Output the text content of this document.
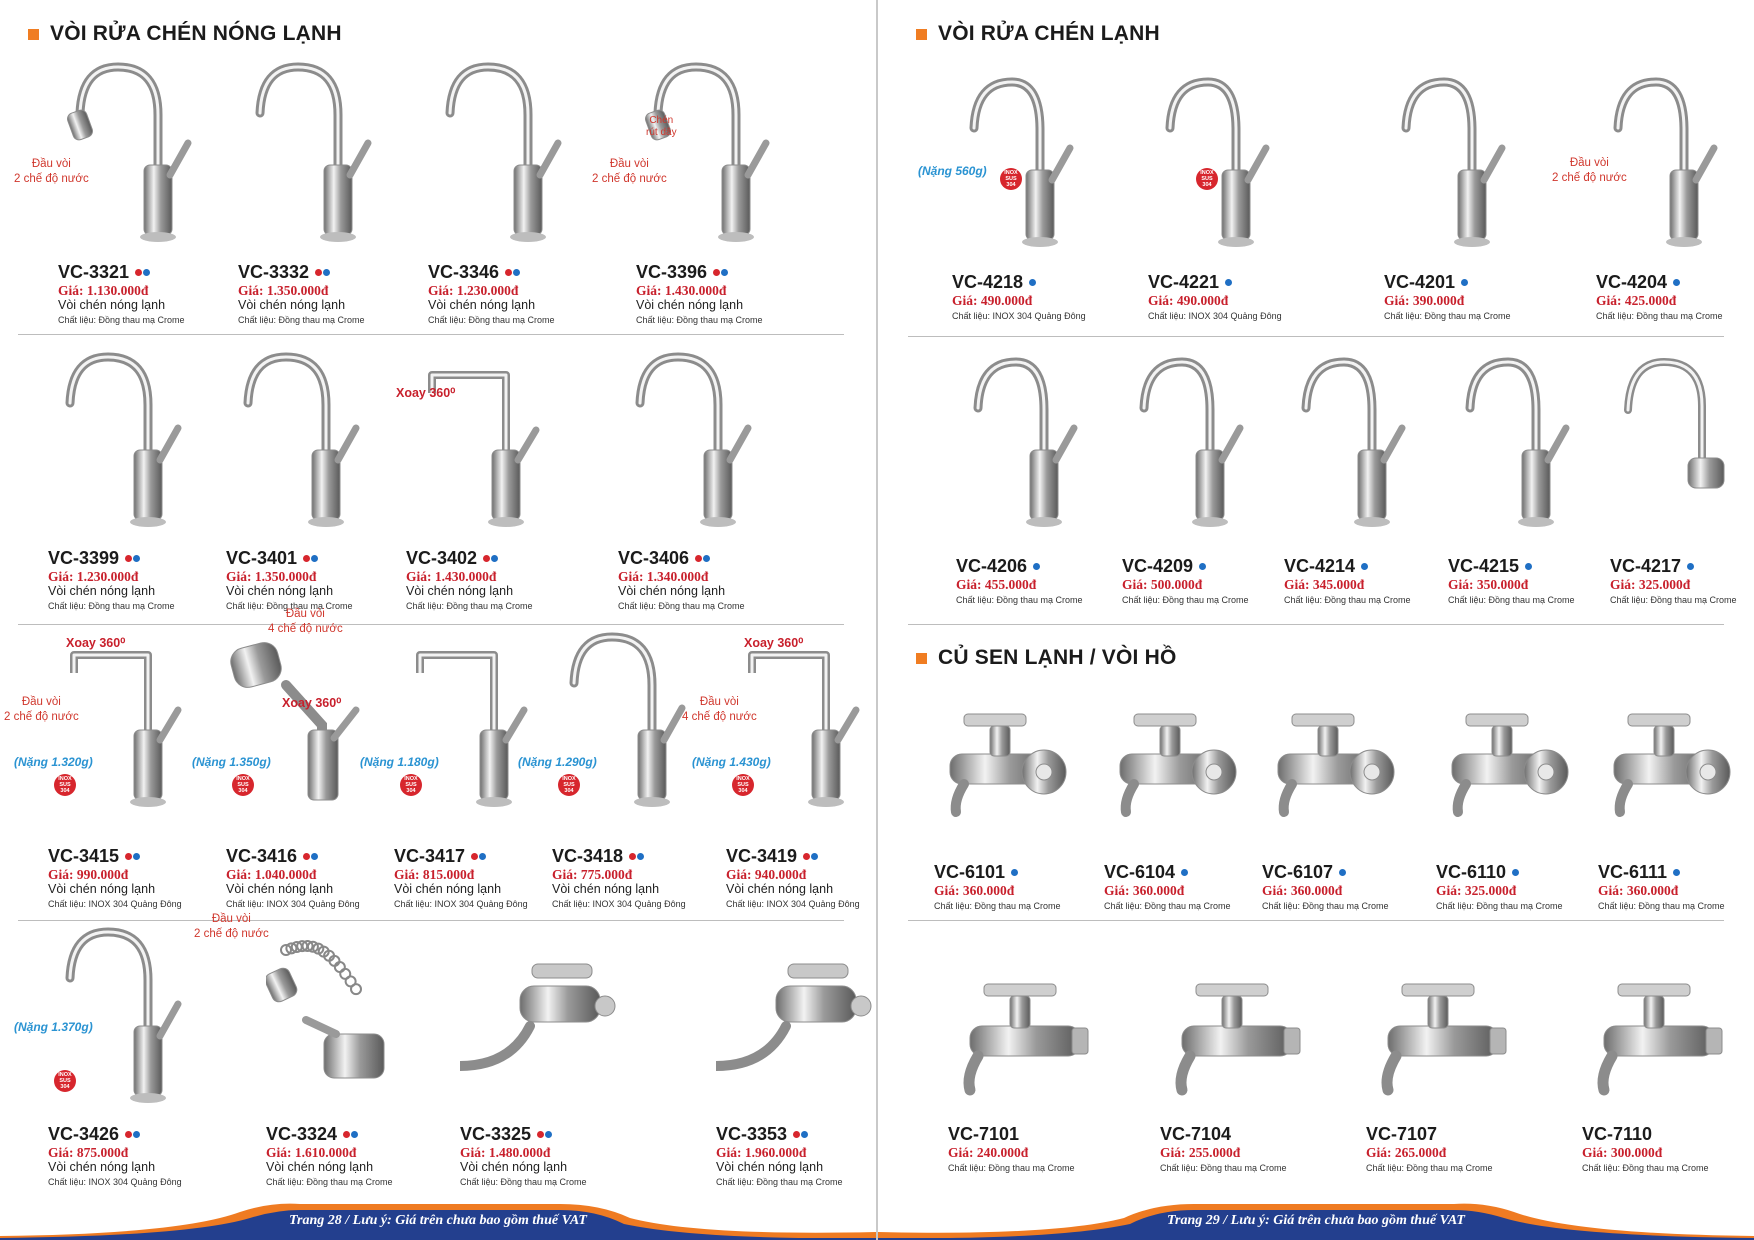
VÒI RỬA CHÉN NÓNG LẠNH
Trang 28 / Lưu ý: Giá trên chưa bao gồm thuế VAT
VC-3321
Giá: 1.130.000đ
Vòi chén nóng lạnh
Chất liệu: Đồng thau mạ Crome
Đầu vòi
2 chế độ nước
VC-3332
Giá: 1.350.000đ
Vòi chén nóng lạnh
Chất liệu: Đồng thau mạ Crome
VC-3346
Giá: 1.230.000đ
Vòi chén nóng lạnh
Chất liệu: Đồng thau mạ Crome
VC-3396
Giá: 1.430.000đ
Vòi chén nóng lạnh
Chất liệu: Đồng thau mạ Crome
Đầu vòi
2 chế độ nước
Chén
rút dây
VC-3399
Giá: 1.230.000đ
Vòi chén nóng lạnh
Chất liệu: Đồng thau mạ Crome
VC-3401
Giá: 1.350.000đ
Vòi chén nóng lạnh
Chất liệu: Đồng thau mạ Crome
VC-3402
Giá: 1.430.000đ
Vòi chén nóng lạnh
Chất liệu: Đồng thau mạ Crome
Xoay 360⁰
VC-3406
Giá: 1.340.000đ
Vòi chén nóng lạnh
Chất liệu: Đồng thau mạ Crome
VC-3415
Giá: 990.000đ
Vòi chén nóng lạnh
Chất liệu: INOX 304 Quảng Đông
Đầu vòi
2 chế độ nước
Xoay 360⁰
(Nặng 1.320g)
INOX
SUS
304
VC-3416
Giá: 1.040.000đ
Vòi chén nóng lạnh
Chất liệu: INOX 304 Quảng Đông
Đầu vòi
4 chế độ nước
Xoay 360⁰
(Nặng 1.350g)
INOX
SUS
304
VC-3417
Giá: 815.000đ
Vòi chén nóng lạnh
Chất liệu: INOX 304 Quảng Đông
(Nặng 1.180g)
INOX
SUS
304
VC-3418
Giá: 775.000đ
Vòi chén nóng lạnh
Chất liệu: INOX 304 Quảng Đông
(Nặng 1.290g)
INOX
SUS
304
VC-3419
Giá: 940.000đ
Vòi chén nóng lạnh
Chất liệu: INOX 304 Quảng Đông
Đầu vòi
4 chế độ nước
Xoay 360⁰
(Nặng 1.430g)
INOX
SUS
304
VC-3426
Giá: 875.000đ
Vòi chén nóng lạnh
Chất liệu: INOX 304 Quảng Đông
(Nặng 1.370g)
INOX
SUS
304
VC-3324
Giá: 1.610.000đ
Vòi chén nóng lạnh
Chất liệu: Đồng thau mạ Crome
Đầu vòi
2 chế độ nước
VC-3325
Giá: 1.480.000đ
Vòi chén nóng lạnh
Chất liệu: Đồng thau mạ Crome
VC-3353
Giá: 1.960.000đ
Vòi chén nóng lạnh
Chất liệu: Đồng thau mạ Crome
VÒI RỬA CHÉN LẠNH
CỦ SEN LẠNH / VÒI HỒ
Trang 29 / Lưu ý: Giá trên chưa bao gồm thuế VAT
VC-4218
Giá: 490.000đ
Chất liệu: INOX 304 Quảng Đông
(Nặng 560g)	INOX
SUS
304
VC-4221
Giá: 490.000đ
Chất liệu: INOX 304 Quảng Đông
INOX
SUS
304
VC-4201
Giá: 390.000đ
Chất liệu: Đồng thau mạ Crome
VC-4204
Giá: 425.000đ
Chất liệu: Đồng thau mạ Crome
Đầu vòi
2 chế độ nước
VC-4206
Giá: 455.000đ
Chất liệu: Đồng thau mạ Crome
VC-4209
Giá: 500.000đ
Chất liệu: Đồng thau mạ Crome
VC-4214
Giá: 345.000đ
Chất liệu: Đồng thau mạ Crome
VC-4215
Giá: 350.000đ
Chất liệu: Đồng thau mạ Crome
VC-4217
Giá: 325.000đ
Chất liệu: Đồng thau mạ Crome
VC-6101
Giá: 360.000đ
Chất liệu: Đồng thau mạ Crome
VC-6104
Giá: 360.000đ
Chất liệu: Đồng thau mạ Crome
VC-6107
Giá: 360.000đ
Chất liệu: Đồng thau mạ Crome
VC-6110
Giá: 325.000đ
Chất liệu: Đồng thau mạ Crome
VC-6111
Giá: 360.000đ
Chất liệu: Đồng thau mạ Crome
VC-7101
Giá: 240.000đ
Chất liệu: Đồng thau mạ Crome
VC-7104
Giá: 255.000đ
Chất liệu: Đồng thau mạ Crome
VC-7107
Giá: 265.000đ
Chất liệu: Đồng thau mạ Crome
VC-7110
Giá: 300.000đ
Chất liệu: Đồng thau mạ Crome
